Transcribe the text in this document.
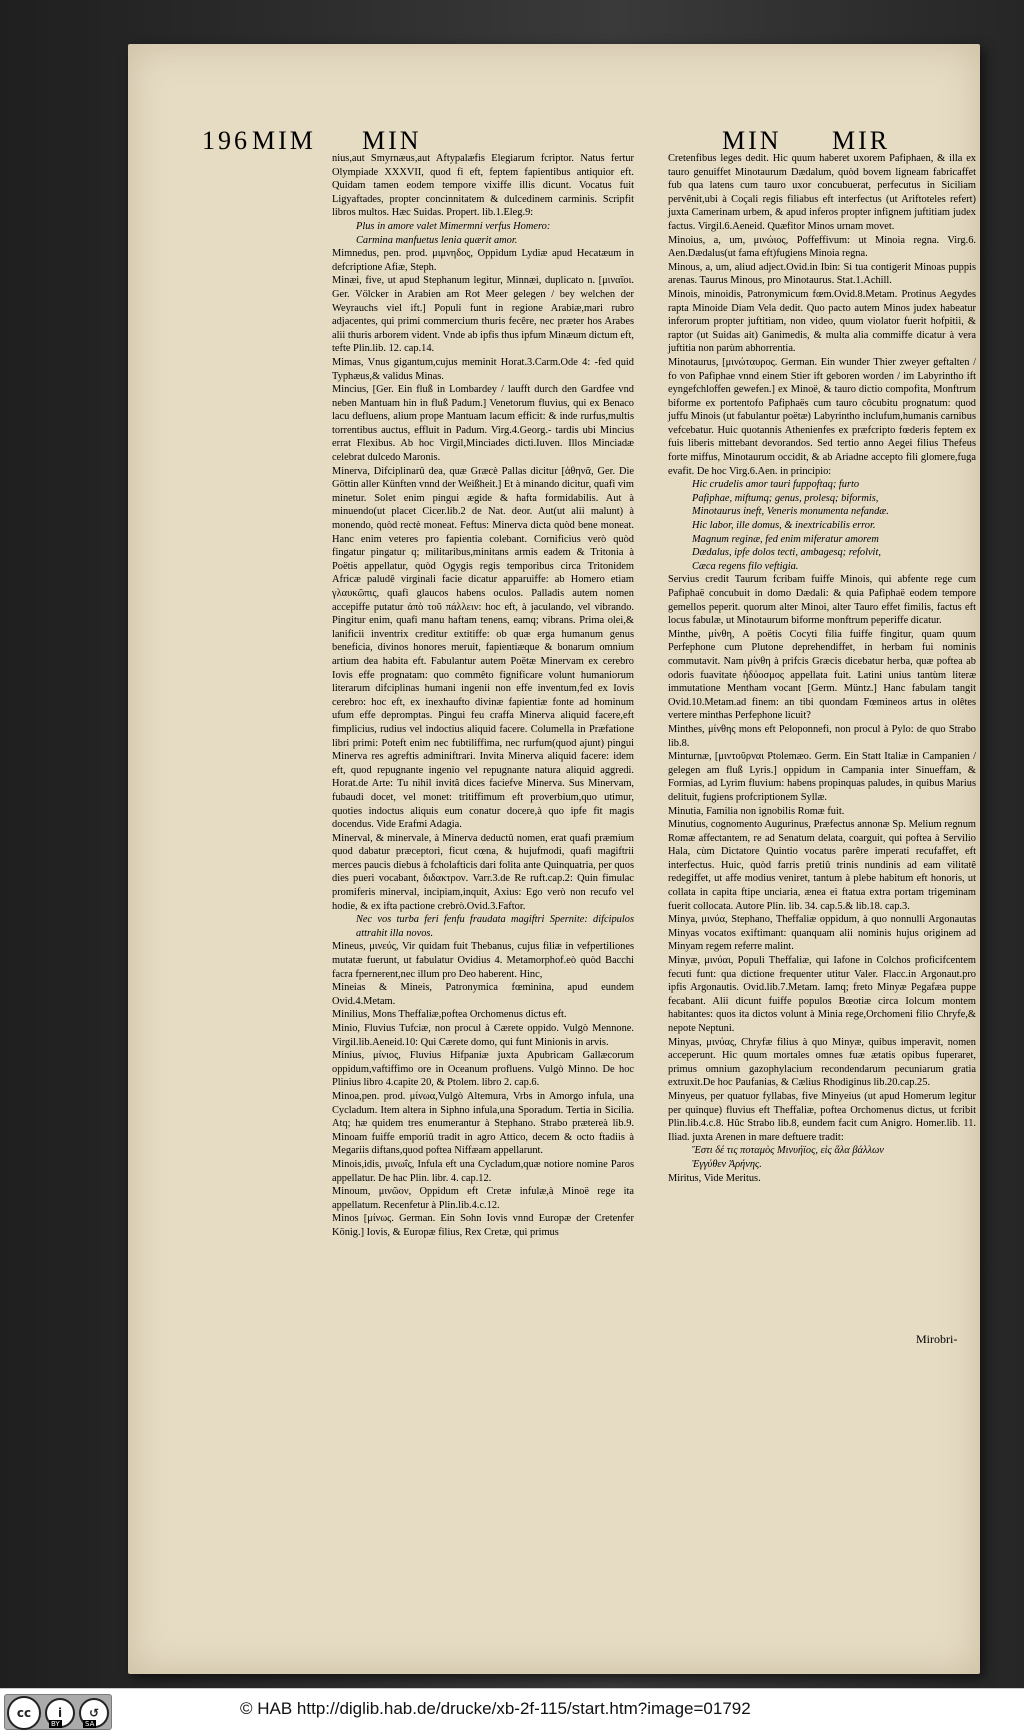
196 MIM MIN	MIN MIR

nius,aut Smyrnæus,aut Aftypalæfis Elegiarum fcriptor. Natus fertur Olympiade XXXVII, quod fi eft, feptem fapientibus antiquior eft. Quidam tamen eodem tempore vixiffe illis dicunt. Vocatus fuit Ligyaftades, propter concinnitatem & dulcedinem carminis. Scripfit libros multos. Hæc Suidas. Propert. lib.1.Eleg.9:

Plus in amore valet Mimermni verfus Homero:

Carmina manfuetus lenia quærit amor.

Mimnedus, pen. prod. μιμνηδος, Oppidum Lydiæ apud Hecatæum in defcriptione Afiæ, Steph.

Minæi, five, ut apud Stephanum legitur, Minnæi, duplicato n. [μιναῖοι. Ger. Völcker in Arabien am Rot Meer gelegen / bey welchen der Weyrauchs viel ift.] Populi funt in regione Arabiæ,mari rubro adjacentes, qui primi commercium thuris fecêre, nec præter hos Arabes alii thuris arborem vident. Vnde ab ipfis thus ipfum Minæum dictum eft, tefte Plin.lib. 12. cap.14.

Mimas, Vnus gigantum,cujus meminit Horat.3.Carm.Ode 4: -fed quid Typhæus,& validus Minas.

Mincius, [Ger. Ein fluß in Lombardey / laufft durch den Gardfee vnd neben Mantuam hin in fluß Padum.] Venetorum fluvius, qui ex Benaco lacu defluens, alium prope Mantuam lacum efficit: & inde rurfus,multis torrentibus auctus, effluit in Padum. Virg.4.Georg.- tardis ubi Mincius errat Flexibus. Ab hoc Virgil,Minciades dicti.Iuven. Illos Minciadæ celebrat dulcedo Maronis.

Minerva, Difciplinarû dea, quæ Græcè Pallas dicitur [ἀθηνᾶ, Ger. Die Göttin aller Künften vnnd der Weißheit.] Et à minando dicitur, quafi vim minetur. Solet enim pingui ægide & hafta formidabilis. Aut à minuendo(ut placet Cicer.lib.2 de Nat. deor. Aut(ut alii malunt) à monendo, quòd rectè moneat. Feftus: Minerva dicta quòd bene moneat. Hanc enim veteres pro fapientia colebant. Cornificius verò quòd fingatur pingatur q; militaribus,minitans armis eadem & Tritonia à Poëtis appellatur, quòd Ogygis regis temporibus circa Tritonidem Africæ paludê virginali facie dicatur apparuiffe: ab Homero etiam γλαυκῶπις, quafi glaucos habens oculos. Palladis autem nomen accepiffe putatur ἀπὸ τοῦ πάλλειν: hoc eft, à jaculando, vel vibrando. Pingitur enim, quafi manu haftam tenens, eamq; vibrans. Prima olei,& lanificii inventrix creditur extitiffe: ob quæ erga humanum genus beneficia, divinos honores meruit, fapientiæque & bonarum omnium artium dea habita eft. Fabulantur autem Poëtæ Minervam ex cerebro Iovis effe prognatam: quo commêto fignificare volunt humaniorum literarum difciplinas humani ingenii non effe inventum,fed ex Iovis cerebro: hoc eft, ex inexhaufto divinæ fapientiæ fonte ad hominum ufum effe depromptas. Pingui feu craffa Minerva aliquid facere,eft fimplicius, rudius vel indoctius aliquid facere. Columella in Præfatione libri primi: Poteft enim nec fubtiliffima, nec rurfum(quod ajunt) pingui Minerva res agreftis adminiftrari. Invita Minerva aliquid facere: idem eft, quod repugnante ingenio vel repugnante natura aliquid aggredi. Horat.de Arte: Tu nihil invitâ dices faciefve Minerva. Sus Minervam, fubaudi docet, vel monet: tritiffimum eft proverbium,quo utimur, quoties indoctus aliquis eum conatur docere,à quo ipfe fit magis docendus. Vide Erafmi Adagia.

Minerval, & minervale, à Minerva deductû nomen, erat quafi præmium quod dabatur præceptori, ficut cœna, & hujufmodi, quafi magiftrii merces paucis diebus à fcholafticis dari folita ante Quinquatria, per quos dies pueri vocabant, διδακτρον. Varr.3.de Re ruft.cap.2: Quin fimulac promiferis minerval, incipiam,inquit, Axius: Ego verò non recufo vel hodie, & ex ifta pactione crebrò.Ovid.3.Faftor.

Nec vos turba feri fenfu fraudata magiftri Spernite: difcipulos attrahit illa novos.

Mineus, μινεύς, Vir quidam fuit Thebanus, cujus filiæ in vefpertiliones mutatæ fuerunt, ut fabulatur Ovidius 4. Metamorphof.eò quòd Bacchi facra fpernerent,nec illum pro Deo haberent. Hinc,

Mineias & Mineis, Patronymica fœminina, apud eundem Ovid.4.Metam.

Minilius, Mons Theffaliæ,poftea Orchomenus dictus eft.

Minio, Fluvius Tufciæ, non procul à Cærete oppido. Vulgò Mennone. Virgil.lib.Aeneid.10: Qui Cærete domo, qui funt Minionis in arvis.

Minius, μίνιος, Fluvius Hifpaniæ juxta Apubricam Gallæcorum oppidum,vaftiffimo ore in Oceanum profluens. Vulgò Minno. De hoc Plinius libro 4.capite 20, & Ptolem. libro 2. cap.6.

Minoa,pen. prod. μίνωα,Vulgò Altemura, Vrbs in Amorgo infula, una Cycladum. Item altera in Siphno infula,una Sporadum. Tertia in Sicilia. Atq; hæ quidem tres enumerantur à Stephano. Strabo prætereà lib.9. Minoam fuiffe emporiû tradit in agro Attico, decem & octo ftadiis à Megariis diftans,quod poftea Niffæam appellarunt.

Minois,idis, μινωΐς, Infula eft una Cycladum,quæ notiore nomine Paros appellatur. De hac Plin. libr. 4. cap.12.

Minoum, μινῶον, Oppidum eft Cretæ infulæ,à Minoë rege ita appellatum. Recenfetur à Plin.lib.4.c.12.

Minos [μίνως. German. Ein Sohn Iovis vnnd Europæ der Cretenfer König.] Iovis, & Europæ filius, Rex Cretæ, qui primus

Cretenfibus leges dedit. Hic quum haberet uxorem Pafiphaen, & illa ex tauro genuiffet Minotaurum Dædalum, quòd bovem ligneam fabricaffet fub qua latens cum tauro uxor concubuerat, perfecutus in Siciliam pervênit,ubi à Coçali regis filiabus eft interfectus (ut Ariftoteles refert) juxta Camerinam urbem, & apud inferos propter infignem juftitiam judex factus. Virgil.6.Aeneid. Quæfitor Minos urnam movet.

Minoius, a, um, μινώιος, Poffeffivum: ut Minoia regna. Virg.6. Aen.Dædalus(ut fama eft)fugiens Minoia regna.

Minous, a, um, aliud adject.Ovid.in Ibin: Si tua contigerit Minoas puppis arenas. Taurus Minous, pro Minotaurus. Stat.1.Achill.

Minois, minoidis, Patronymicum fœm.Ovid.8.Metam. Protinus Aegydes rapta Minoide Diam Vela dedit. Quo pacto autem Minos judex habeatur inferorum propter juftitiam, non video, quum violator fuerit hofpitii, & raptor (ut Suidas ait) Ganimedis, & multa alia commiffe dicatur à vera juftitia non parùm abhorrentia.

Minotaurus, [μινώταυρος. German. Ein wunder Thier zweyer geftalten / fo von Pafiphae vnnd einem Stier ift geboren worden / im Labyrintho ift eyngefchloffen gewefen.] ex Minoë, & tauro dictio compofita, Monftrum biforme ex portentofo Pafiphaës cum tauro côcubitu prognatum: quod juffu Minois (ut fabulantur poëtæ) Labyrintho inclufum,humanis carnibus vefcebatur. Huic quotannis Athenienfes ex præfcripto fœderis feptem ex fuis liberis mittebant devorandos. Sed tertio anno Aegei filius Thefeus forte miffus, Minotaurum occidit, & ab Ariadne accepto fili glomere,fuga evafit. De hoc Virg.6.Aen. in principio:

Hic crudelis amor tauri fuppoftaq; furto

Pafiphae, miftumq; genus, prolesq; biformis,

Minotaurus ineft, Veneris monumenta nefandæ.

Hic labor, ille domus, & inextricabilis error.

Magnum reginæ, fed enim miferatur amorem

Dædalus, ipfe dolos tecti, ambagesq; refolvit,

Cæca regens filo veftigia.

Servius credit Taurum fcribam fuiffe Minois, qui abfente rege cum Pafiphaë concubuit in domo Dædali: & quia Pafiphaë eodem tempore gemellos peperit. quorum alter Minoi, alter Tauro effet fimilis, factus eft locus fabulæ, ut Minotaurum biforme monftrum peperiffe dicatur.

Minthe, μίνθη, A poëtis Cocyti filia fuiffe fingitur, quam quum Perfephone cum Plutone deprehendiffet, in herbam fui nominis commutavit. Nam μίνθη à prifcis Græcis dicebatur herba, quæ poftea ab odoris fuavitate ἡδύοσμος appellata fuit. Latini unius tantùm literæ immutatione Mentham vocant [Germ. Müntz.] Hanc fabulam tangit Ovid.10.Metam.ad finem: an tibi quondam Fœmineos artus in olêtes vertere minthas Perfephone licuit?

Minthes, μίνθης mons eft Peloponnefi, non procul à Pylo: de quo Strabo lib.8.

Minturnæ, [μιντοῦρναι Ptolemæo. Germ. Ein Statt Italiæ in Campanien / gelegen am fluß Lyris.] oppidum in Campania inter Sinueffam, & Formias, ad Lyrim fluvium: habens propinquas paludes, in quibus Marius delituit, fugiens profcriptionem Syllæ.

Minutia, Familia non ignobilis Romæ fuit.

Minutius, cognomento Augurinus, Præfectus annonæ Sp. Melium regnum Romæ affectantem, re ad Senatum delata, coarguit, qui poftea à Servilio Hala, cùm Dictatore Quintio vocatus parêre imperati recufaffet, eft interfectus. Huic, quòd farris pretiû trinis nundinis ad eam vilitatê redegiffet, ut affe modius veniret, tantum à plebe habitum eft honoris, ut collata in capita ftipe unciaria, ænea ei ftatua extra portam trigeminam fuerit collocata. Autore Plin. lib. 34. cap.5.& lib.18. cap.3.

Minya, μινύα, Stephano, Theffaliæ oppidum, à quo nonnulli Argonautas Minyas vocatos exiftimant: quanquam alii nominis hujus originem ad Minyam regem referre malint.

Minyæ, μινύαι, Populi Theffaliæ, qui Iafone in Colchos proficifcentem fecuti funt: qua dictione frequenter utitur Valer. Flacc.in Argonaut.pro ipfis Argonautis. Ovid.lib.7.Metam. Iamq; freto Minyæ Pegafæa puppe fecabant. Alii dicunt fuiffe populos Bœotiæ circa Iolcum montem habitantes: quos ita dictos volunt à Minia rege,Orchomeni filio Chryfe,& nepote Neptuni.

Minyas, μινύας, Chryfæ filius à quo Minyæ, quibus imperavit, nomen acceperunt. Hic quum mortales omnes fuæ ætatis opibus fuperaret, primus omnium gazophylacium recondendarum pecuniarum gratia extruxit.De hoc Paufanias, & Cælius Rhodiginus lib.20.cap.25.

Minyeus, per quatuor fyllabas, five Minyeius (ut apud Homerum legitur per quinque) fluvius eft Theffaliæ, poftea Orchomenus dictus, ut fcribit Plin.lib.4.c.8. Hûc Strabo lib.8, eundem facit cum Anigro. Homer.lib. 11. Iliad. juxta Arenen in mare deftuere tradit:

Ἔστι δέ τις ποταμὸς Μινυήϊος, εἰς ἅλα βάλλων

Ἐγγύθεν Ἀρήνης.

Miritus, Vide Meritus.

Mirobri-
cc	i	↺
BY	SA
© HAB http://diglib.hab.de/drucke/xb-2f-115/start.htm?image=01792
